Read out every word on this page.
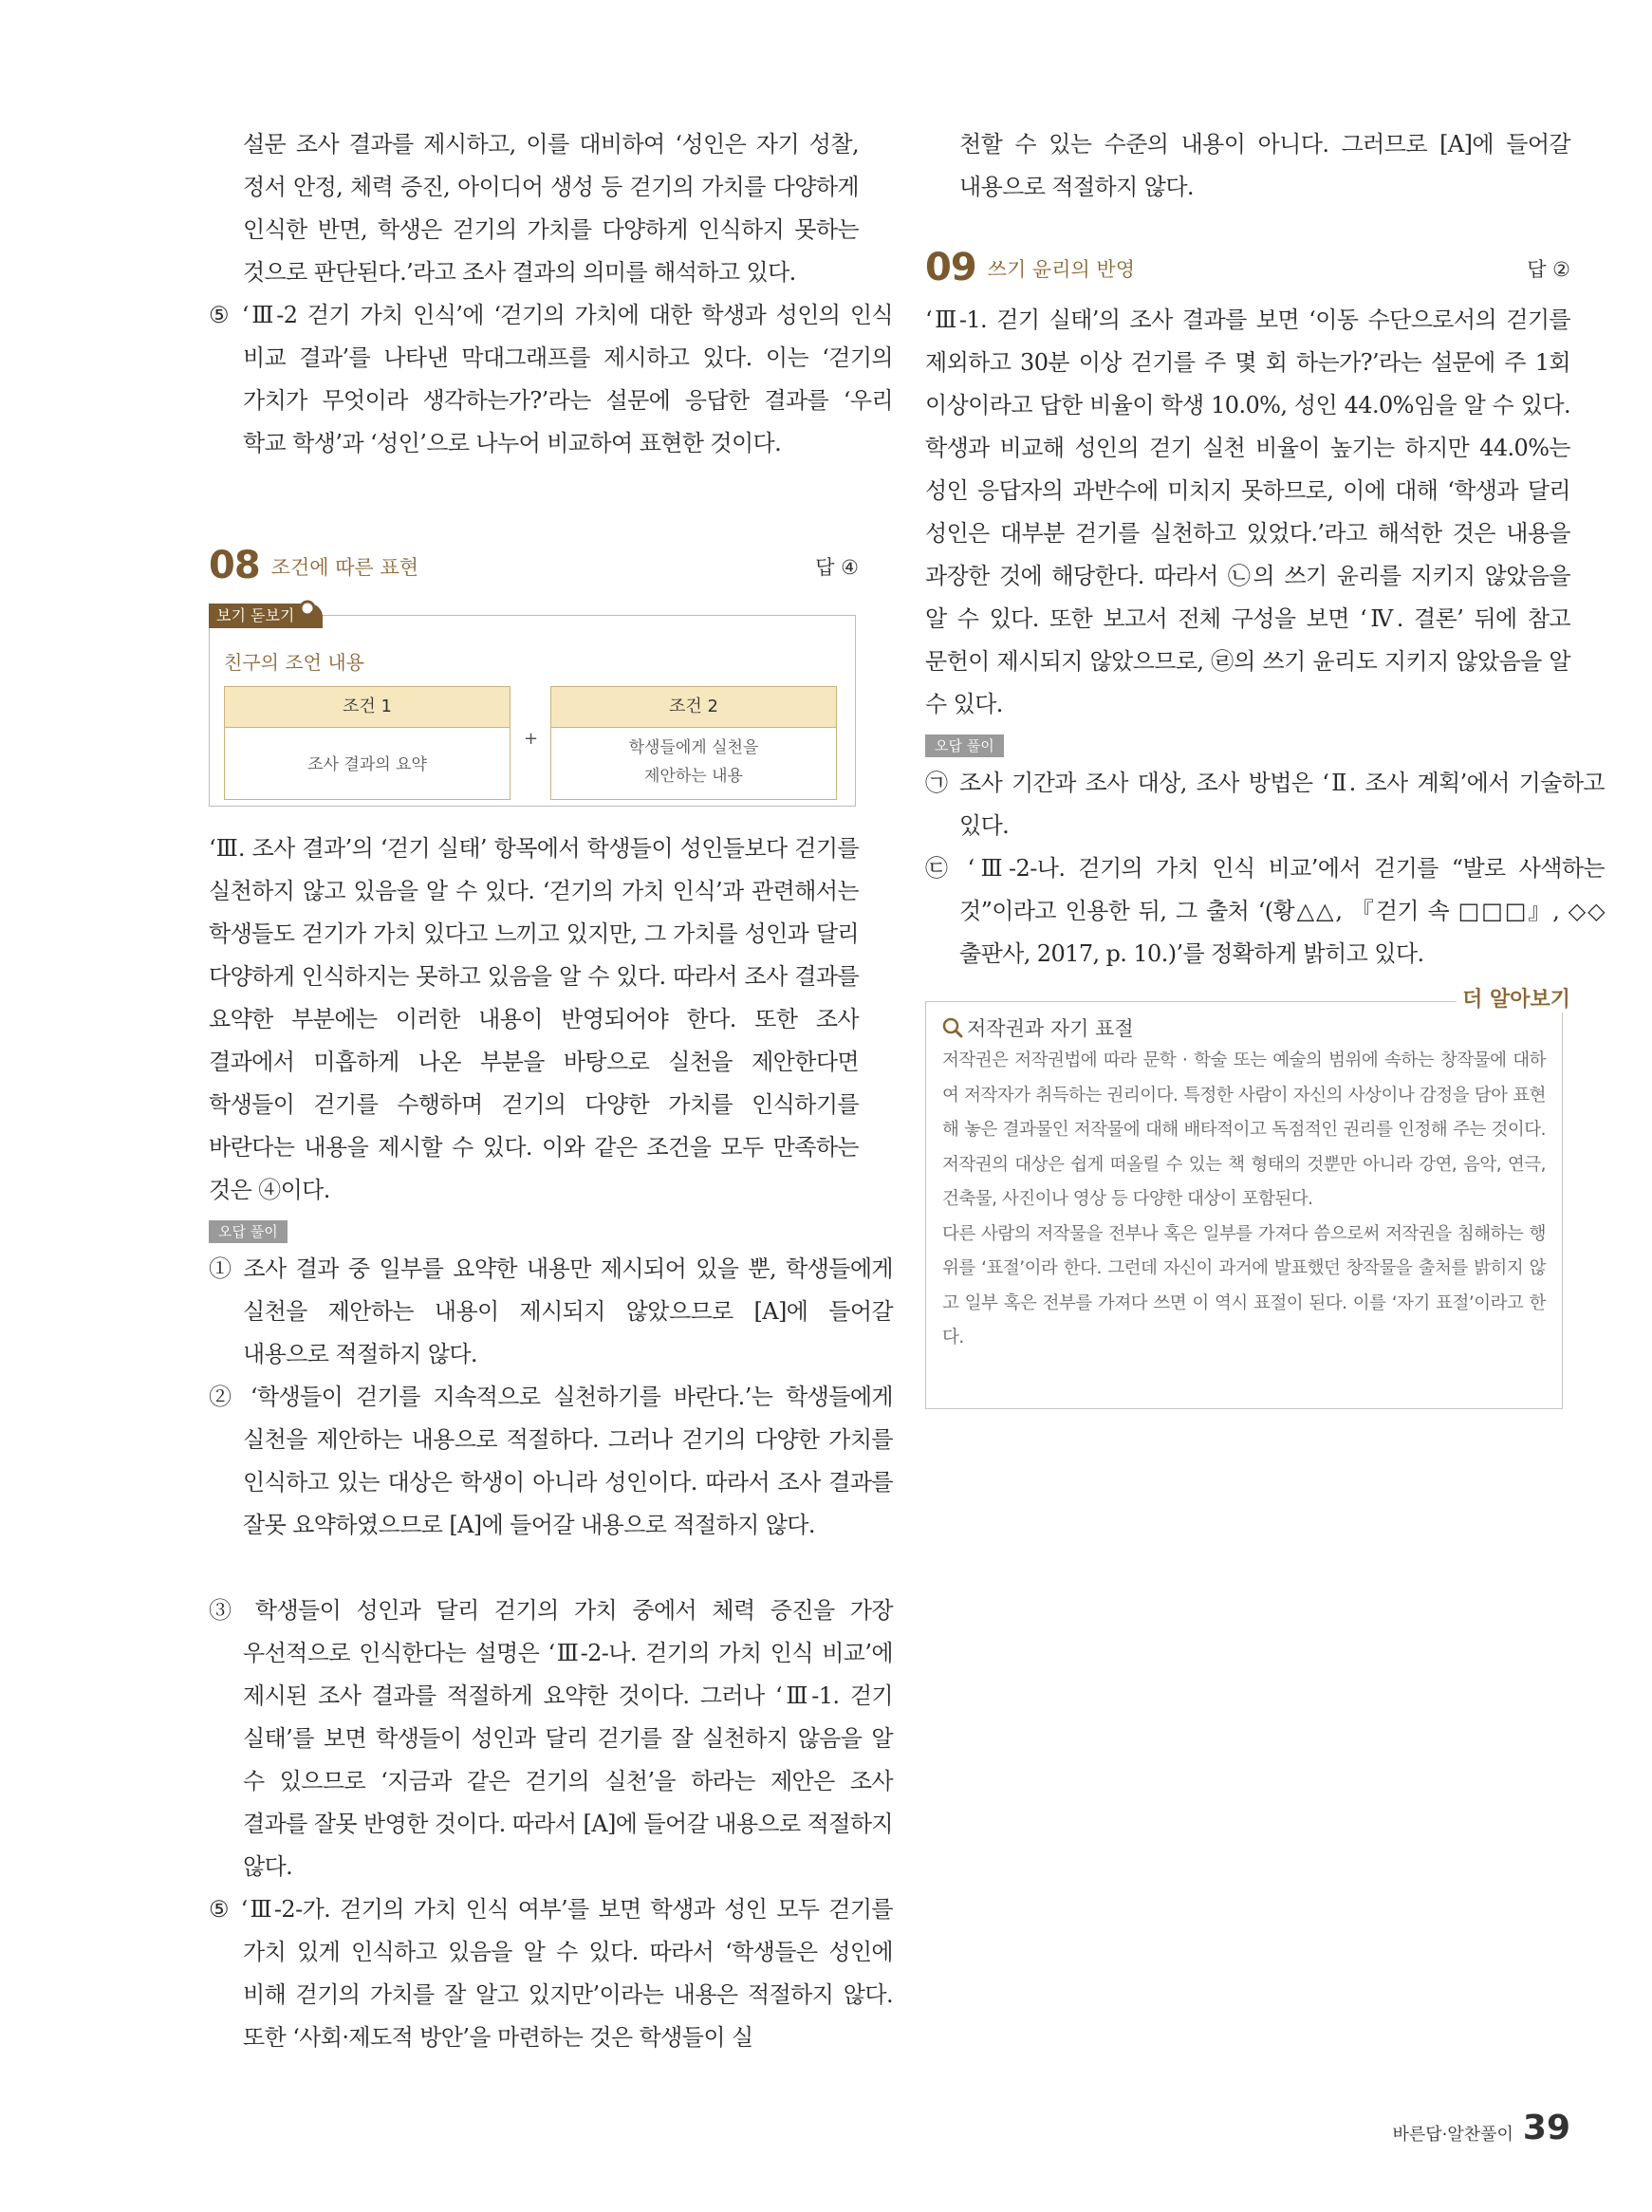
설문 조사 결과를 제시하고, 이를 대비하여 ‘성인은 자기 성찰, 정서 안정, 체력 증진, 아이디어 생성 등 걷기의 가치를 다양하게 인식한 반면, 학생은 걷기의 가치를 다양하게 인식하지 못하는 것으로 판단된다.’라고 조사 결과의 의미를 해석하고 있다.

⑤ ‘Ⅲ-2 걷기 가치 인식’에 ‘걷기의 가치에 대한 학생과 성인의 인식 비교 결과’를 나타낸 막대그래프를 제시하고 있다. 이는 ‘걷기의 가치가 무엇이라 생각하는가?’라는 설문에 응답한 결과를 ‘우리 학교 학생’과 ‘성인’으로 나누어 비교하여 표현한 것이다.

08 조건에 따른 표현	답 ④
보기 돋보기
친구의 조언 내용
조건 1
조사 결과의 요약
+
조건 2
학생들에게 실천을
제안하는 내용

‘Ⅲ. 조사 결과’의 ‘걷기 실태’ 항목에서 학생들이 성인들보다 걷기를 실천하지 않고 있음을 알 수 있다. ‘걷기의 가치 인식’과 관련해서는 학생들도 걷기가 가치 있다고 느끼고 있지만, 그 가치를 성인과 달리 다양하게 인식하지는 못하고 있음을 알 수 있다. 따라서 조사 결과를 요약한 부분에는 이러한 내용이 반영되어야 한다. 또한 조사 결과에서 미흡하게 나온 부분을 바탕으로 실천을 제안한다면 학생들이 걷기를 수행하며 걷기의 다양한 가치를 인식하기를 바란다는 내용을 제시할 수 있다. 이와 같은 조건을 모두 만족하는 것은 ④이다.

오답 풀이

① 조사 결과 중 일부를 요약한 내용만 제시되어 있을 뿐, 학생들에게 실천을 제안하는 내용이 제시되지 않았으므로 [A]에 들어갈 내용으로 적절하지 않다.

② ‘학생들이 걷기를 지속적으로 실천하기를 바란다.’는 학생들에게 실천을 제안하는 내용으로 적절하다. 그러나 걷기의 다양한 가치를 인식하고 있는 대상은 학생이 아니라 성인이다. 따라서 조사 결과를 잘못 요약하였으므로 [A]에 들어갈 내용으로 적절하지 않다.

③ 학생들이 성인과 달리 걷기의 가치 중에서 체력 증진을 가장 우선적으로 인식한다는 설명은 ‘Ⅲ-2-나. 걷기의 가치 인식 비교’에 제시된 조사 결과를 적절하게 요약한 것이다. 그러나 ‘Ⅲ-1. 걷기 실태’를 보면 학생들이 성인과 달리 걷기를 잘 실천하지 않음을 알 수 있으므로 ‘지금과 같은 걷기의 실천’을 하라는 제안은 조사 결과를 잘못 반영한 것이다. 따라서 [A]에 들어갈 내용으로 적절하지 않다.

⑤ ‘Ⅲ-2-가. 걷기의 가치 인식 여부’를 보면 학생과 성인 모두 걷기를 가치 있게 인식하고 있음을 알 수 있다. 따라서 ‘학생들은 성인에 비해 걷기의 가치를 잘 알고 있지만’이라는 내용은 적절하지 않다. 또한 ‘사회·제도적 방안’을 마련하는 것은 학생들이 실

천할 수 있는 수준의 내용이 아니다. 그러므로 [A]에 들어갈 내용으로 적절하지 않다.

09 쓰기 윤리의 반영	답 ②

‘Ⅲ-1. 걷기 실태’의 조사 결과를 보면 ‘이동 수단으로서의 걷기를 제외하고 30분 이상 걷기를 주 몇 회 하는가?’라는 설문에 주 1회 이상이라고 답한 비율이 학생 10.0%, 성인 44.0%임을 알 수 있다. 학생과 비교해 성인의 걷기 실천 비율이 높기는 하지만 44.0%는 성인 응답자의 과반수에 미치지 못하므로, 이에 대해 ‘학생과 달리 성인은 대부분 걷기를 실천하고 있었다.’라고 해석한 것은 내용을 과장한 것에 해당한다. 따라서 ㉡의 쓰기 윤리를 지키지 않았음을 알 수 있다. 또한 보고서 전체 구성을 보면 ‘Ⅳ. 결론’ 뒤에 참고 문헌이 제시되지 않았으므로, ㉣의 쓰기 윤리도 지키지 않았음을 알 수 있다.

오답 풀이

㉠ 조사 기간과 조사 대상, 조사 방법은 ‘Ⅱ. 조사 계획’에서 기술하고 있다.

㉢ ‘Ⅲ-2-나. 걷기의 가치 인식 비교’에서 걷기를 “발로 사색하는 것”이라고 인용한 뒤, 그 출처 ‘(황△△, 『걷기 속 □□□』, ◇◇출판사, 2017, p. 10.)’를 정확하게 밝히고 있다.

더 알아보기
저작권과 자기 표절
저작권은 저작권법에 따라 문학 · 학술 또는 예술의 범위에 속하는 창작물에 대하여 저작자가 취득하는 권리이다. 특정한 사람이 자신의 사상이나 감정을 담아 표현해 놓은 결과물인 저작물에 대해 배타적이고 독점적인 권리를 인정해 주는 것이다. 저작권의 대상은 쉽게 떠올릴 수 있는 책 형태의 것뿐만 아니라 강연, 음악, 연극, 건축물, 사진이나 영상 등 다양한 대상이 포함된다.
다른 사람의 저작물을 전부나 혹은 일부를 가져다 씀으로써 저작권을 침해하는 행위를 ‘표절’이라 한다. 그런데 자신이 과거에 발표했던 창작물을 출처를 밝히지 않고 일부 혹은 전부를 가져다 쓰면 이 역시 표절이 된다. 이를 ‘자기 표절’이라고 한다.
바른답·알찬풀이 39
